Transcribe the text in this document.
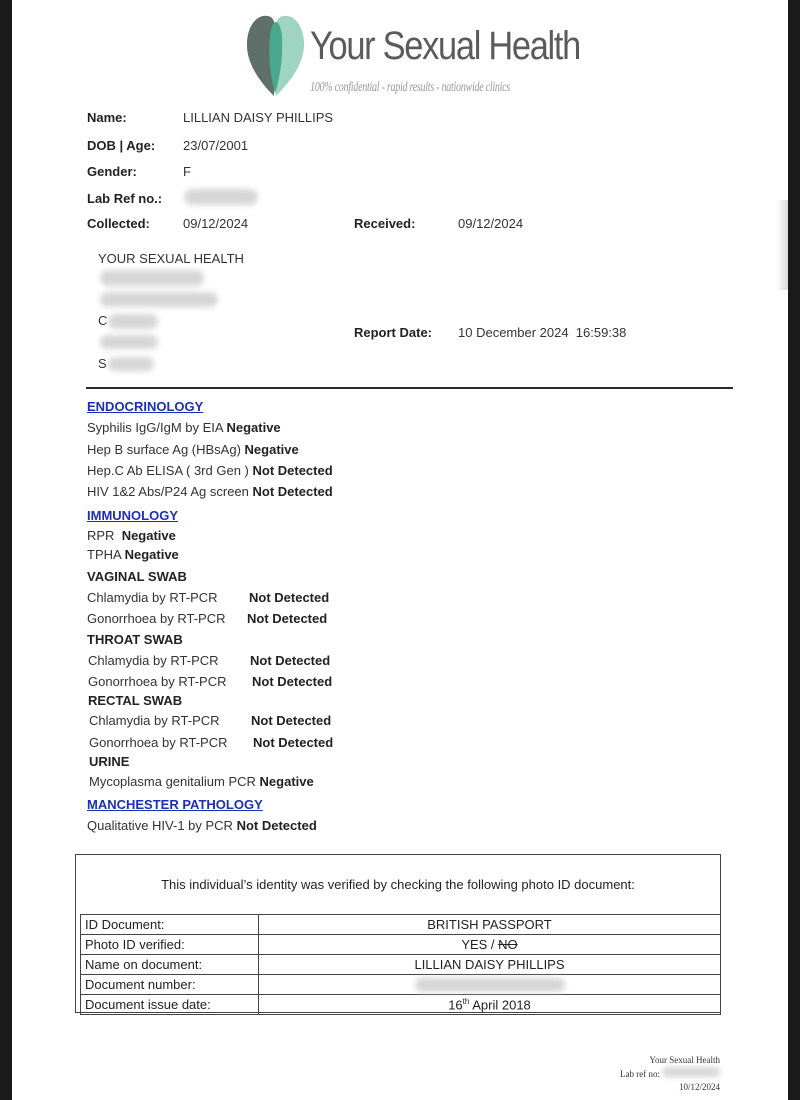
Your Sexual Health
100% confidential - rapid results - nationwide clinics
Name:	LILLIAN DAISY PHILLIPS
DOB | Age: 23/07/2001
Gender:	F
Lab Ref no.:
Collected:	09/12/2024	Received:	09/12/2024
YOUR SEXUAL HEALTH
C
S
Report Date: 10 December 2024  16:59:38
ENDOCRINOLOGY
Syphilis IgG/IgM by EIA Negative
Hep B surface Ag (HBsAg) Negative
Hep.C Ab ELISA ( 3rd Gen ) Not Detected
HIV 1&2 Abs/P24 Ag screen Not Detected
IMMUNOLOGY
RPR Negative
TPHA Negative
VAGINAL SWAB
Chlamydia by RT-PCR Not Detected
Gonorrhoea by RT-PCR Not Detected
THROAT SWAB
Chlamydia by RT-PCR Not Detected
Gonorrhoea by RT-PCR Not Detected
RECTAL SWAB
Chlamydia by RT-PCR Not Detected
Gonorrhoea by RT-PCR Not Detected
URINE
Mycoplasma genitalium PCR Negative
MANCHESTER PATHOLOGY
Qualitative HIV-1 by PCR Not Detected
This individual’s identity was verified by checking the following photo ID document:
ID Document:	BRITISH PASSPORT
Photo ID verified:	YES / NO
Name on document:	LILLIAN DAISY PHILLIPS
Document number:	
Document issue date:	16th April 2018
Your Sexual Health
Lab ref no:
10/12/2024
